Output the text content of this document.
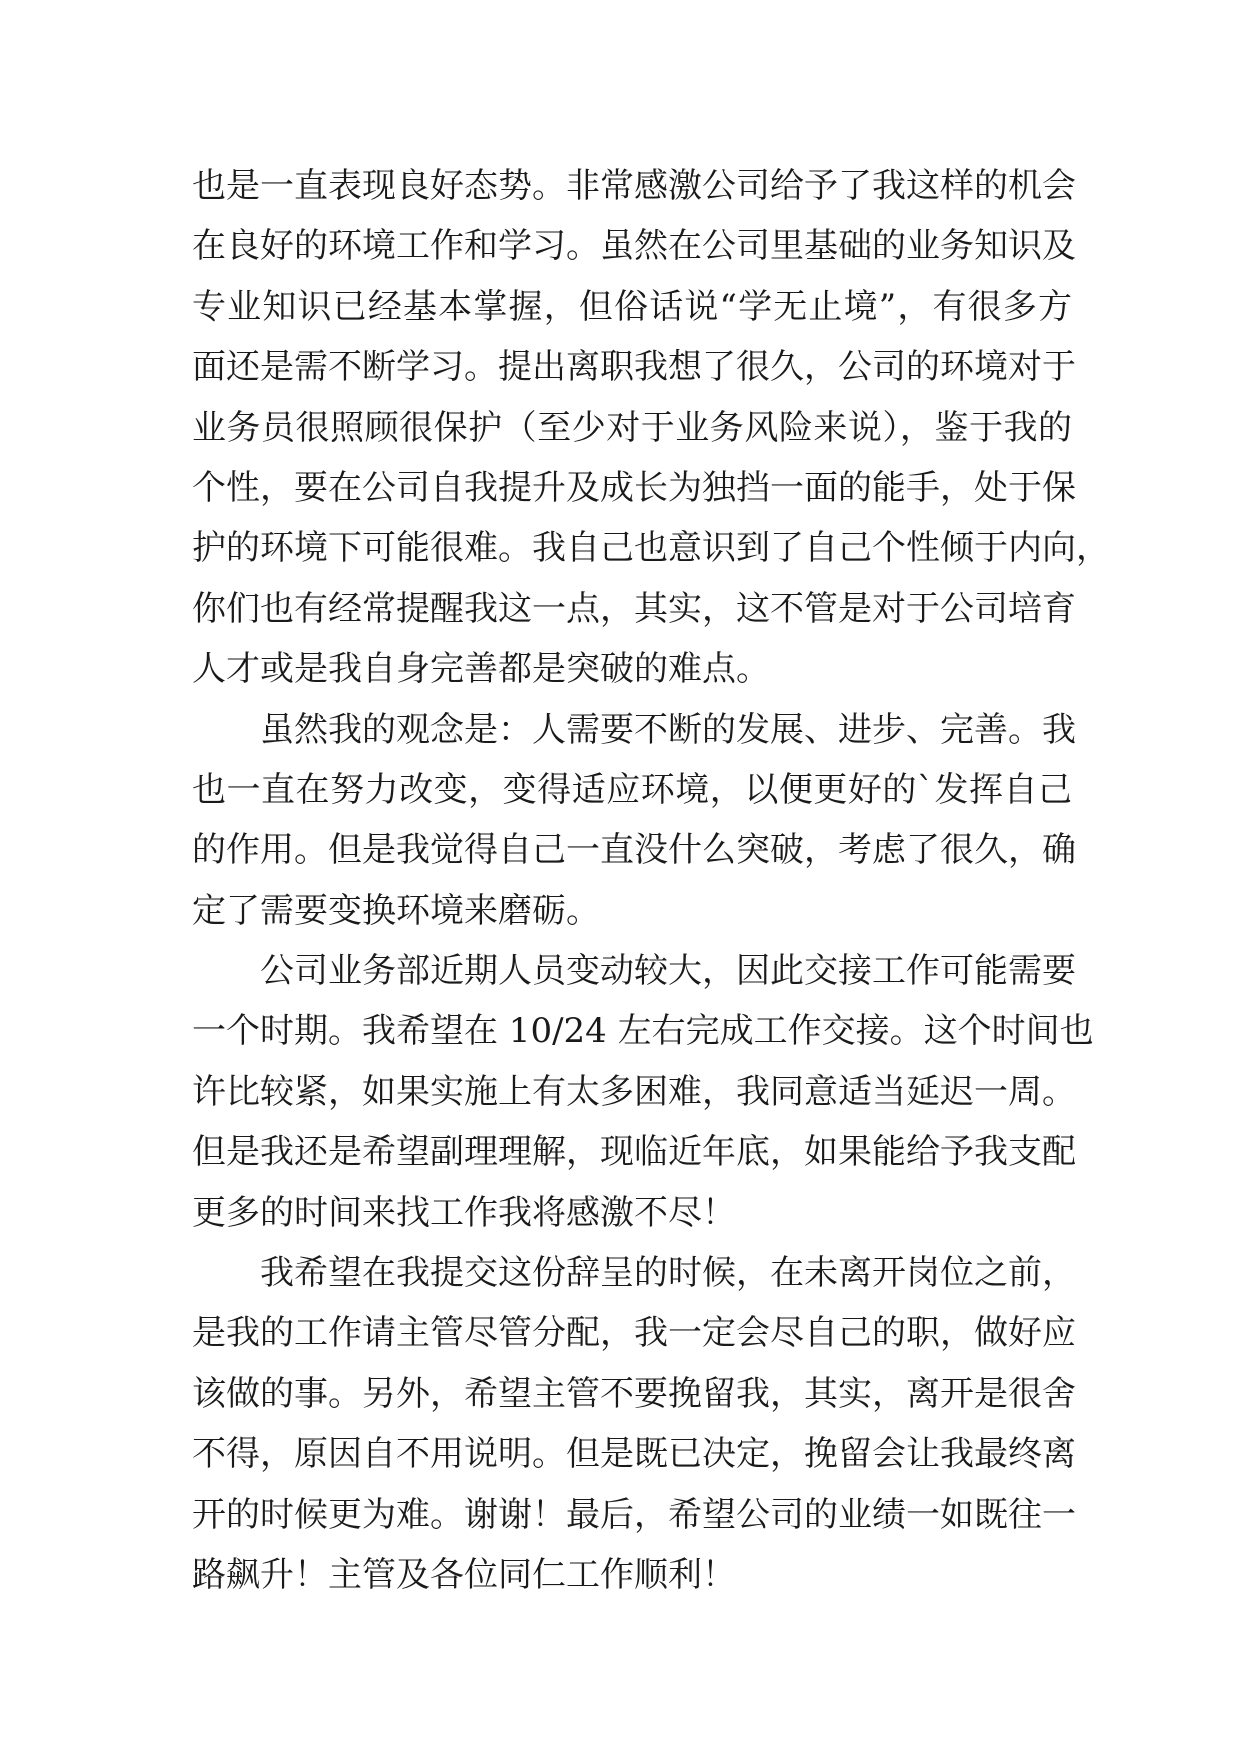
也是一直表现良好态势。非常感激公司给予了我这样的机会
在良好的环境工作和学习。虽然在公司里基础的业务知识及
专业知识已经基本掌握，但俗话说“学无止境”，有很多方
面还是需不断学习。提出离职我想了很久，公司的环境对于
业务员很照顾很保护（至少对于业务风险来说），鉴于我的
个性，要在公司自我提升及成长为独挡一面的能手，处于保
护的环境下可能很难。我自己也意识到了自己个性倾于内向，
你们也有经常提醒我这一点，其实，这不管是对于公司培育
人才或是我自身完善都是突破的难点。
虽然我的观念是：人需要不断的发展、进步、完善。我
也一直在努力改变，变得适应环境，以便更好的`发挥自己
的作用。但是我觉得自己一直没什么突破，考虑了很久，确
定了需要变换环境来磨砺。
公司业务部近期人员变动较大，因此交接工作可能需要
一个时期。我希望在 10/24 左右完成工作交接。这个时间也
许比较紧，如果实施上有太多困难，我同意适当延迟一周。
但是我还是希望副理理解，现临近年底，如果能给予我支配
更多的时间来找工作我将感激不尽！
我希望在我提交这份辞呈的时候，在未离开岗位之前，
是我的工作请主管尽管分配，我一定会尽自己的职，做好应
该做的事。另外，希望主管不要挽留我，其实，离开是很舍
不得，原因自不用说明。但是既已决定，挽留会让我最终离
开的时候更为难。谢谢！最后，希望公司的业绩一如既往一
路飙升！主管及各位同仁工作顺利！
